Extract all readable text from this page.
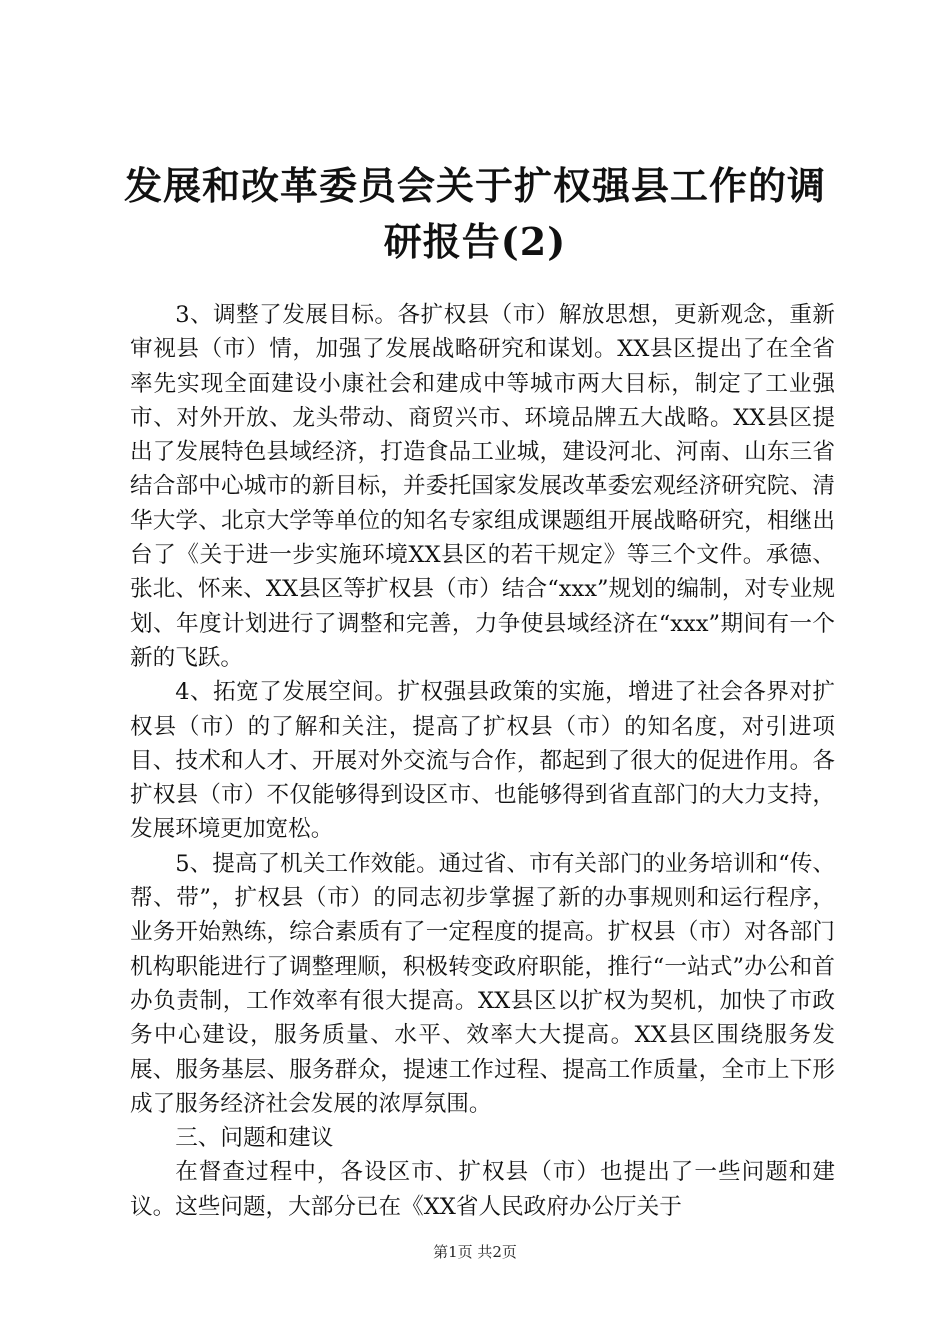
发展和改革委员会关于扩权强县工作的调研报告(2)

3、调整了发展目标。各扩权县（市）解放思想，更新观念，重新审视县（市）情，加强了发展战略研究和谋划。XX县区提出了在全省率先实现全面建设小康社会和建成中等城市两大目标，制定了工业强市、对外开放、龙头带动、商贸兴市、环境品牌五大战略。XX县区提出了发展特色县域经济，打造食品工业城，建设河北、河南、山东三省结合部中心城市的新目标，并委托国家发展改革委宏观经济研究院、清华大学、北京大学等单位的知名专家组成课题组开展战略研究，相继出台了《关于进一步实施环境XX县区的若干规定》等三个文件。承德、张北、怀来、XX县区等扩权县（市）结合“xxx”规划的编制，对专业规划、年度计划进行了调整和完善，力争使县域经济在“xxx”期间有一个新的飞跃。

4、拓宽了发展空间。扩权强县政策的实施，增进了社会各界对扩权县（市）的了解和关注，提高了扩权县（市）的知名度，对引进项目、技术和人才、开展对外交流与合作，都起到了很大的促进作用。各扩权县（市）不仅能够得到设区市、也能够得到省直部门的大力支持，发展环境更加宽松。

5、提高了机关工作效能。通过省、市有关部门的业务培训和“传、帮、带”，扩权县（市）的同志初步掌握了新的办事规则和运行程序，业务开始熟练，综合素质有了一定程度的提高。扩权县（市）对各部门机构职能进行了调整理顺，积极转变政府职能，推行“一站式”办公和首办负责制，工作效率有很大提高。XX县区以扩权为契机，加快了市政务中心建设，服务质量、水平、效率大大提高。XX县区围绕服务发展、服务基层、服务群众，提速工作过程、提高工作质量，全市上下形成了服务经济社会发展的浓厚氛围。

三、问题和建议

在督查过程中，各设区市、扩权县（市）也提出了一些问题和建议。这些问题，大部分已在《XX省人民政府办公厅关于

第1页 共2页
